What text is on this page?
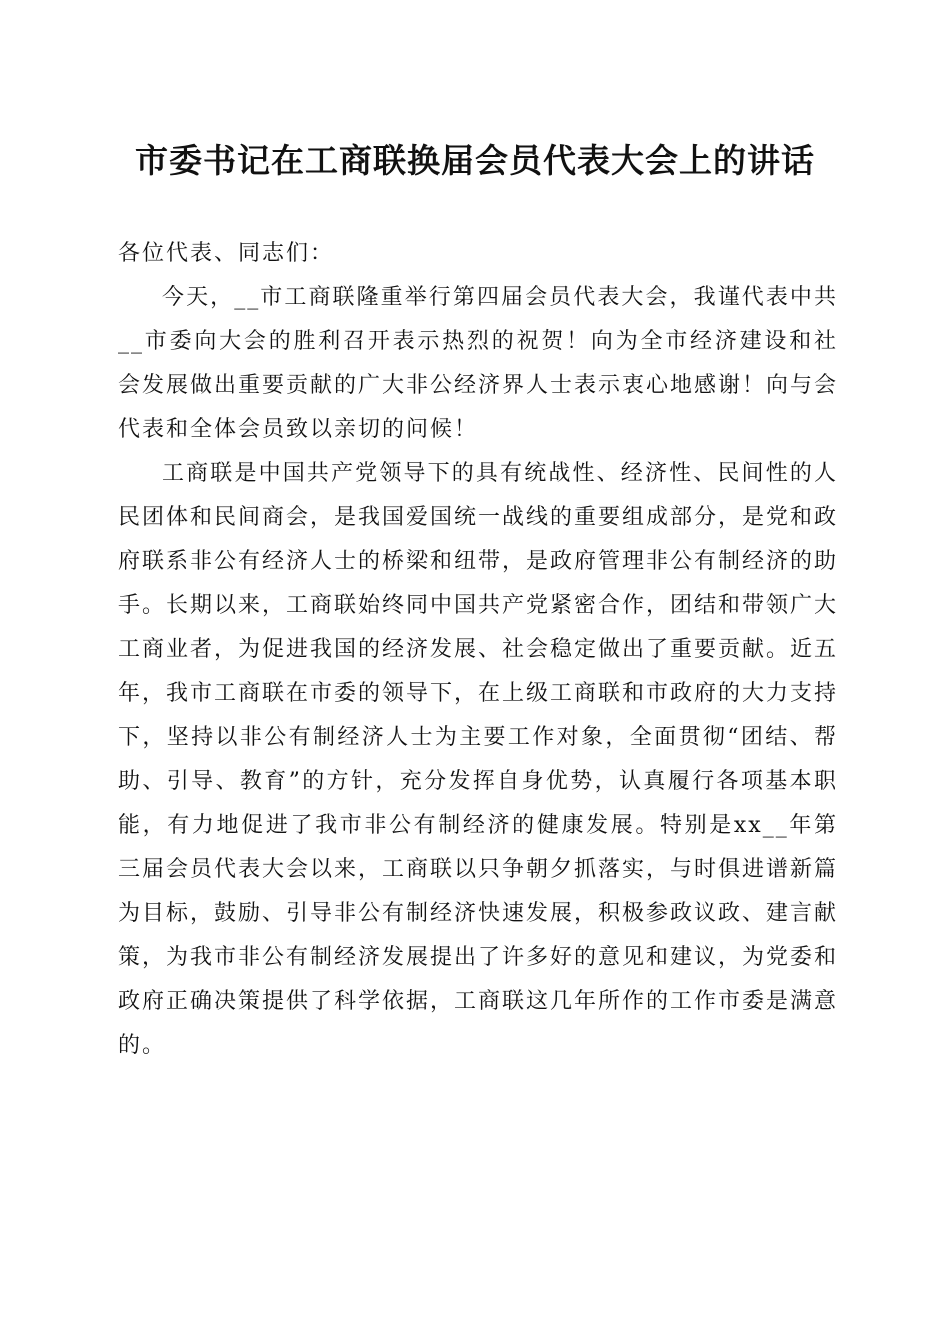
市委书记在工商联换届会员代表大会上的讲话

各位代表、同志们：

今天，__市工商联隆重举行第四届会员代表大会，我谨代表中共__市委向大会的胜利召开表示热烈的祝贺！向为全市经济建设和社会发展做出重要贡献的广大非公经济界人士表示衷心地感谢！向与会代表和全体会员致以亲切的问候！

工商联是中国共产党领导下的具有统战性、经济性、民间性的人民团体和民间商会，是我国爱国统一战线的重要组成部分，是党和政府联系非公有经济人士的桥梁和纽带，是政府管理非公有制经济的助手。长期以来，工商联始终同中国共产党紧密合作，团结和带领广大工商业者，为促进我国的经济发展、社会稳定做出了重要贡献。近五年，我市工商联在市委的领导下，在上级工商联和市政府的大力支持下，坚持以非公有制经济人士为主要工作对象，全面贯彻“团结、帮助、引导、教育”的方针，充分发挥自身优势，认真履行各项基本职能，有力地促进了我市非公有制经济的健康发展。特别是xx__年第三届会员代表大会以来，工商联以只争朝夕抓落实，与时俱进谱新篇为目标，鼓励、引导非公有制经济快速发展，积极参政议政、建言献策，为我市非公有制经济发展提出了许多好的意见和建议，为党委和政府正确决策提供了科学依据，工商联这几年所作的工作市委是满意的。
